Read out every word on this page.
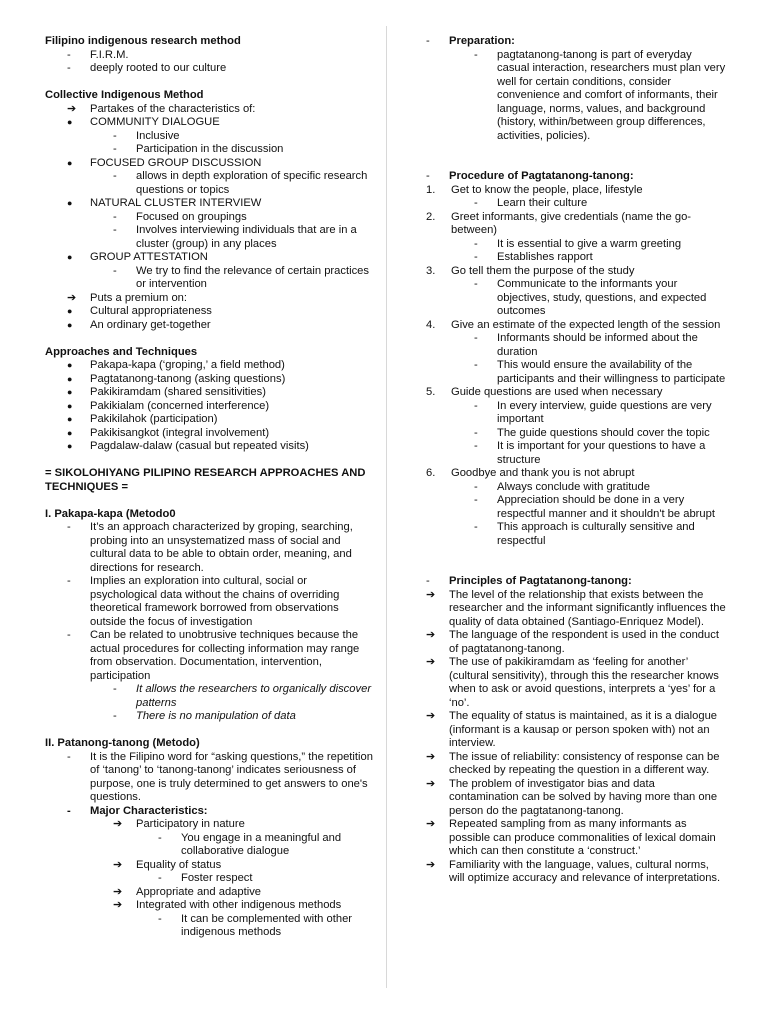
Filipino indigenous research method
-	F.I.R.M.
-	deeply rooted to our culture
Collective Indigenous Method
➔	Partakes of the characteristics of:
●	COMMUNITY DIALOGUE
-	Inclusive
-	Participation in the discussion
●	FOCUSED GROUP DISCUSSION
-	allows in depth exploration of specific research questions or topics
●	NATURAL CLUSTER INTERVIEW
-	Focused on groupings
-	Involves interviewing individuals that are in a cluster (group) in any places
●	GROUP ATTESTATION
-	We try to find the relevance of certain practices or intervention
➔	Puts a premium on:
●	Cultural appropriateness
●	An ordinary get-together
Approaches and Techniques
●	Pakapa-kapa (‘groping,’ a field method)
●	Pagtatanong-tanong (asking questions)
●	Pakikiramdam (shared sensitivities)
●	Pakikialam (concerned interference)
●	Pakikilahok (participation)
●	Pakikisangkot (integral involvement)
●	Pagdalaw-dalaw (casual but repeated visits)
= SIKOLOHIYANG PILIPINO RESEARCH APPROACHES AND TECHNIQUES =
I. Pakapa-kapa (Metodo0
-	It’s an approach characterized by groping, searching, probing into an unsystematized mass of social and cultural data to be able to obtain order, meaning, and directions for research.
-	Implies an exploration into cultural, social or psychological data without the chains of overriding theoretical framework borrowed from observations outside the focus of investigation
-	Can be related to unobtrusive techniques because the actual procedures for collecting information may range from observation. Documentation, intervention, participation
-	It allows the researchers to organically discover patterns
-	There is no manipulation of data
II. Patanong-tanong (Metodo)
-	It is the Filipino word for “asking questions,” the repetition of ‘tanong’ to ‘tanong-tanong’ indicates seriousness of purpose, one is truly determined to get answers to one's questions.
-	Major Characteristics:
➔	Participatory in nature
-	You engage in a meaningful and collaborative dialogue
➔	Equality of status
-	Foster respect
➔	Appropriate and adaptive
➔	Integrated with other indigenous methods
-	It can be complemented with other indigenous methods
-	Preparation:
-	pagtatanong-tanong is part of everyday casual interaction, researchers must plan very well for certain conditions, consider convenience and comfort of informants, their language, norms, values, and background (history, within/between group differences, activities, policies).
-	Procedure of Pagtatanong-tanong:
1.	Get to know the people, place, lifestyle
-	Learn their culture
2.	Greet informants, give credentials (name the go-between)
-	It is essential to give a warm greeting
-	Establishes rapport
3.	Go tell them the purpose of the study
-	Communicate to the informants your objectives, study, questions, and expected outcomes
4.	Give an estimate of the expected length of the session
-	Informants should be informed about the duration
-	This would ensure the availability of the participants and their willingness to participate
5.	Guide questions are used when necessary
-	In every interview, guide questions are very important
-	The guide questions should cover the topic
-	It is important for your questions to have a structure
6.	Goodbye and thank you is not abrupt
-	Always conclude with gratitude
-	Appreciation should be done in a very respectful manner and it shouldn't be abrupt
-	This approach is culturally sensitive and respectful
-	Principles of Pagtatanong-tanong:
➔	The level of the relationship that exists between the researcher and the informant significantly influences the quality of data obtained (Santiago-Enriquez Model).
➔	The language of the respondent is used in the conduct of pagtatanong-tanong.
➔	The use of pakikiramdam as ‘feeling for another’ (cultural sensitivity), through this the researcher knows when to ask or avoid questions, interprets a ‘yes’ for a ‘no’.
➔	The equality of status is maintained, as it is a dialogue (informant is a kausap or person spoken with) not an interview.
➔	The issue of reliability: consistency of response can be checked by repeating the question in a different way.
➔	The problem of investigator bias and data contamination can be solved by having more than one person do the pagtatanong-tanong.
➔	Repeated sampling from as many informants as possible can produce commonalities of lexical domain which can then constitute a ‘construct.’
➔	Familiarity with the language, values, cultural norms, will optimize accuracy and relevance of interpretations.
